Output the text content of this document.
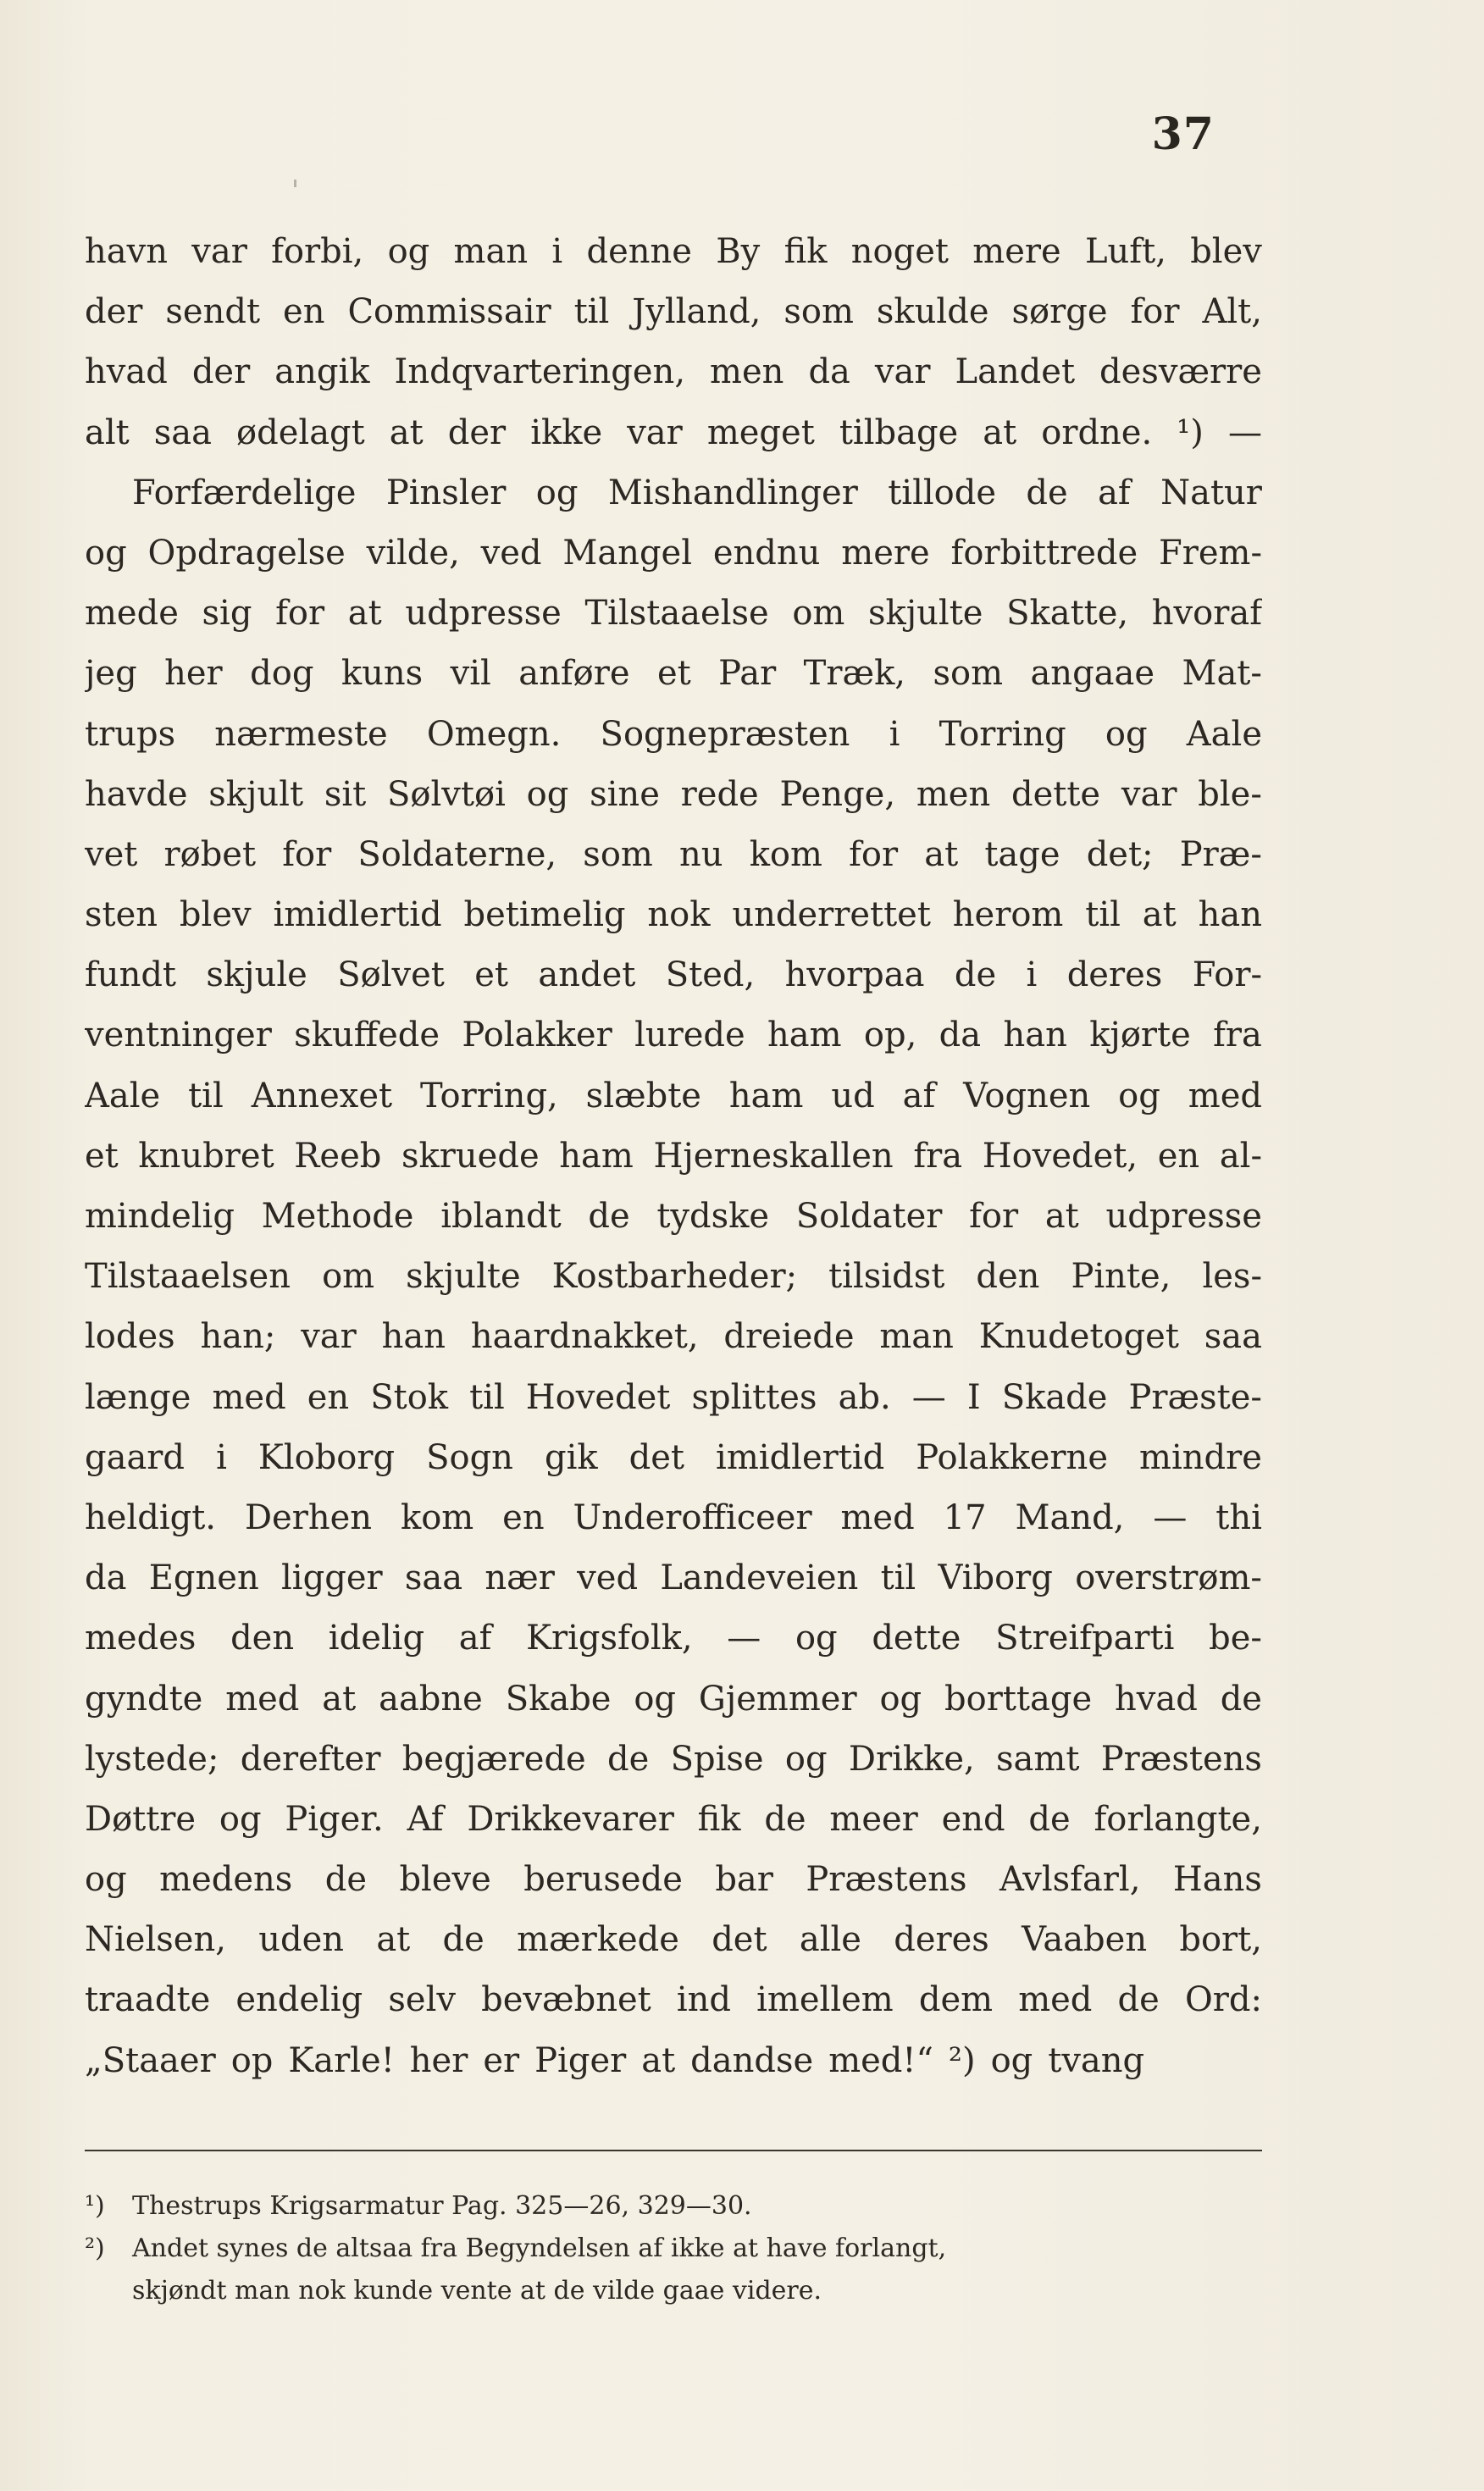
37
havn var forbi, og man i denne By fik noget mere Luft, blev
der sendt en Commissair til Jylland, som skulde sørge for Alt,
hvad der angik Indqvarteringen, men da var Landet desværre
alt saa ødelagt at der ikke var meget tilbage at ordne. ¹) —
Forfærdelige Pinsler og Mishandlinger tillode de af Natur
og Opdragelse vilde, ved Mangel endnu mere forbittrede Frem-
mede sig for at udpresse Tilstaaelse om skjulte Skatte, hvoraf
jeg her dog kuns vil anføre et Par Træk, som angaae Mat-
trups nærmeste Omegn. Sognepræsten i Torring og Aale
havde skjult sit Sølvtøi og sine rede Penge, men dette var ble-
vet røbet for Soldaterne, som nu kom for at tage det; Præ-
sten blev imidlertid betimelig nok underrettet herom til at han
fundt skjule Sølvet et andet Sted, hvorpaa de i deres For-
ventninger skuffede Polakker lurede ham op, da han kjørte fra
Aale til Annexet Torring, slæbte ham ud af Vognen og med
et knubret Reeb skruede ham Hjerneskallen fra Hovedet, en al-
mindelig Methode iblandt de tydske Soldater for at udpresse
Tilstaaelsen om skjulte Kostbarheder; tilsidst den Pinte, les-
lodes han; var han haardnakket, dreiede man Knudetoget saa
længe med en Stok til Hovedet splittes ab. — I Skade Præste-
gaard i Kloborg Sogn gik det imidlertid Polakkerne mindre
heldigt. Derhen kom en Underofficeer med 17 Mand, — thi
da Egnen ligger saa nær ved Landeveien til Viborg overstrøm-
medes den idelig af Krigsfolk, — og dette Streifparti be-
gyndte med at aabne Skabe og Gjemmer og borttage hvad de
lystede; derefter begjærede de Spise og Drikke, samt Præstens
Døttre og Piger. Af Drikkevarer fik de meer end de forlangte,
og medens de bleve berusede bar Præstens Avlsfarl, Hans
Nielsen, uden at de mærkede det alle deres Vaaben bort,
traadte endelig selv bevæbnet ind imellem dem med de Ord:
„Staaer op Karle! her er Piger at dandse med!“ ²) og tvang
¹) Thestrups Krigsarmatur Pag. 325—26, 329—30.
²) Andet synes de altsaa fra Begyndelsen af ikke at have forlangt,
skjøndt man nok kunde vente at de vilde gaae videre.
